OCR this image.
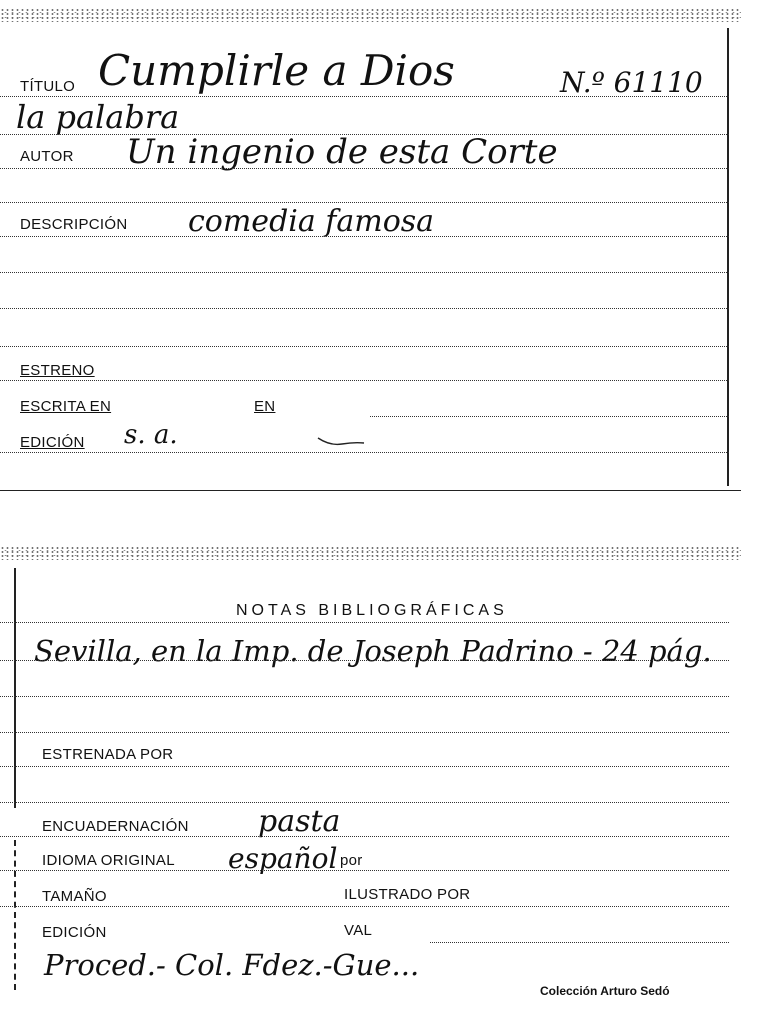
TÍTULO Cumplirle a Dios	N.º 61110
la palabra
AUTOR Un ingenio de esta Corte
DESCRIPCIÓN comedia famosa
ESTRENO
ESCRITA EN	EN
EDICIÓN s. a.
NOTAS BIBLIOGRÁFICAS
Sevilla, en la Imp. de Joseph Padrino - 24 pág.
ESTRENADA POR
ENCUADERNACIÓN pasta
IDIOMA ORIGINAL español por
TAMAÑO	ILUSTRADO POR
EDICIÓN	VAL
Proced.- Col. Fdez.-Gue...
Colección Arturo Sedó
